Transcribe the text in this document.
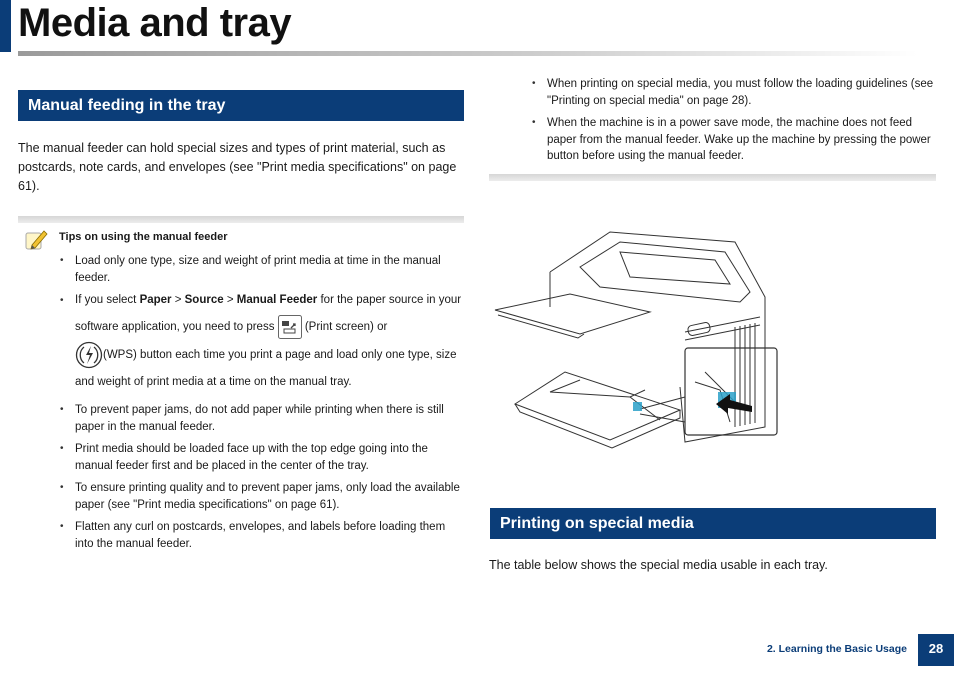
Media and tray
Manual feeding in the tray
The manual feeder can hold special sizes and types of print material, such as postcards, note cards, and envelopes (see "Print media specifications" on page 61).
Tips on using the manual feeder
• Load only one type, size and weight of print media at time in the manual feeder.
• If you select Paper > Source > Manual Feeder for the paper source in your software application, you need to press  (Print screen) or
(WPS) button each time you print a page and load only one type, size and weight of print media at a time on the manual tray.
• To prevent paper jams, do not add paper while printing when there is still paper in the manual feeder.
• Print media should be loaded face up with the top edge going into the manual feeder first and be placed in the center of the tray.
• To ensure printing quality and to prevent paper jams, only load the available paper (see "Print media specifications" on page 61).
• Flatten any curl on postcards, envelopes, and labels before loading them into the manual feeder.
• When printing on special media, you must follow the loading guidelines (see "Printing on special media" on page 28).
• When the machine is in a power save mode, the machine does not feed paper from the manual feeder. Wake up the machine by pressing the power button before using the manual feeder.
Printing on special media
The table below shows the special media usable in each tray.
2. Learning the Basic Usage	28
